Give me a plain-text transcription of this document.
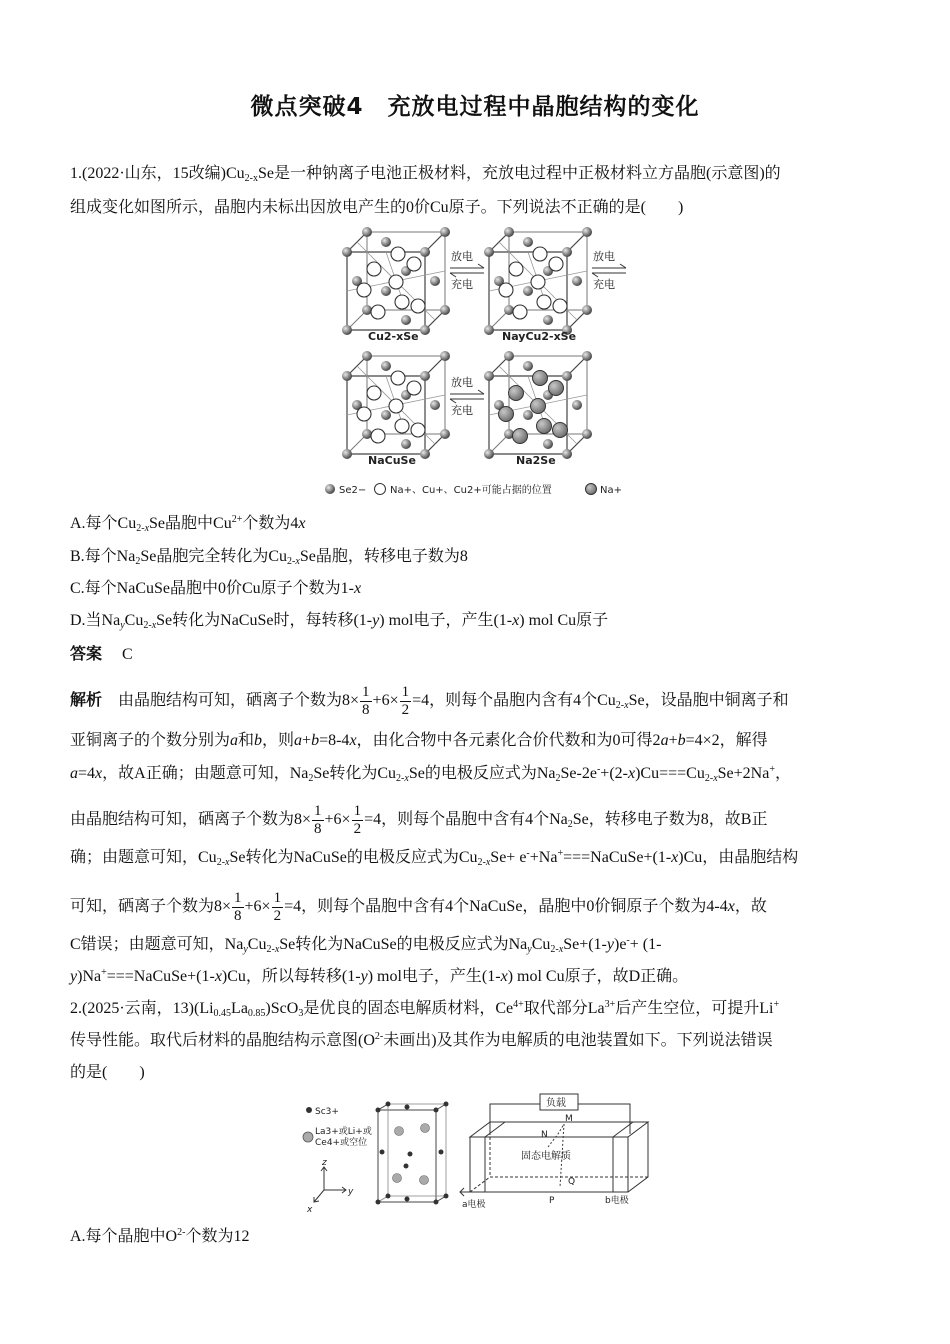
微点突破4　充放电过程中晶胞结构的变化
1.(2022·山东，15改编)$Cu_{2-x}Se$是一种钠离子电池正极材料，充放电过程中正极材料立方晶胞(示意图)的
组成变化如图所示，晶胞内未标出因放电产生的0价Cu原子。下列说法不正确的是(　　)
放电
充电
放电
充电
Cu2-xSe	NayCu2-xSe
放电
充电
NaCuSe	Na2Se
Se2− Na+、Cu+、Cu2+可能占据的位置	Na+
A.每个$Cu_{2-x}Se$晶胞中$Cu^{2+}$个数为4x
B.每个$Na_2Se$晶胞完全转化为$Cu_{2-x}Se$晶胞，转移电子数为8
C.每个NaCuSe晶胞中0价Cu原子个数为1-x
D.当$Na_yCu_{2-x}Se$转化为NaCuSe时，每转移(1-y) mol电子，产生(1-x) mol Cu原子
答案　 C
解析　由晶胞结构可知，硒离子个数为$8\times \frac{1}{8} +6\times \frac{1}{2} =4$，则每个晶胞内含有4个$Cu_{2-x}Se$，设晶胞中铜离子和
亚铜离子的个数分别为a和b，则a+b=8-4x，由化合物中各元素化合价代数和为0可得2a+b=4×2，解得
a=4x，故A正确；由题意可知，$Na_2Se$转化为$Cu_{2-x}Se$的电极反应式为$Na_2Se-2e^-+(2-x)Cu===Cu_{2-x}Se+2Na^+$，
由晶胞结构可知，硒离子个数为$8\times \frac{1}{8} +6\times \frac{1}{2} =4$，则每个晶胞中含有4个$Na_2Se$，转移电子数为8，故B正
确；由题意可知，$Cu_{2-x}Se$转化为NaCuSe的电极反应式为$Cu_{2-x}Se+$ e-+Na+===NaCuSe+(1-x)Cu，由晶胞结构
可知，硒离子个数为$8\times \frac{1}{8} +6\times \frac{1}{2} =4$，则每个晶胞中含有4个NaCuSe，晶胞中0价铜原子个数为4-4x，故
C错误；由题意可知，$Na_yCu_{2-x}Se$转化为NaCuSe的电极反应式为$Na_yCu_{2-x}Se+(1-y)e^-+ (1-$
y)Na+===NaCuSe+(1-x)Cu，所以每转移(1-y) mol电子，产生(1-x) mol Cu原子，故D正确。
2.(2025·云南，$13)(Li_{0.45}La_{0.85})ScO_3$是优良的固态电解质材料，$Ce^{4+}$取代部分$La^{3+}$后产生空位，可提升Li+
传导性能。取代后材料的晶胞结构示意图($O^{2-}$未画出)及其作为电解质的电池装置如下。下列说法错误
的是(　　)
Sc3+
La3+或Li+或
Ce4+或空位
z
y
x
负载
M
N
P
Q
固态电解质
a电极	b电极
A.每个晶胞中$O^{2-}$个数为12
